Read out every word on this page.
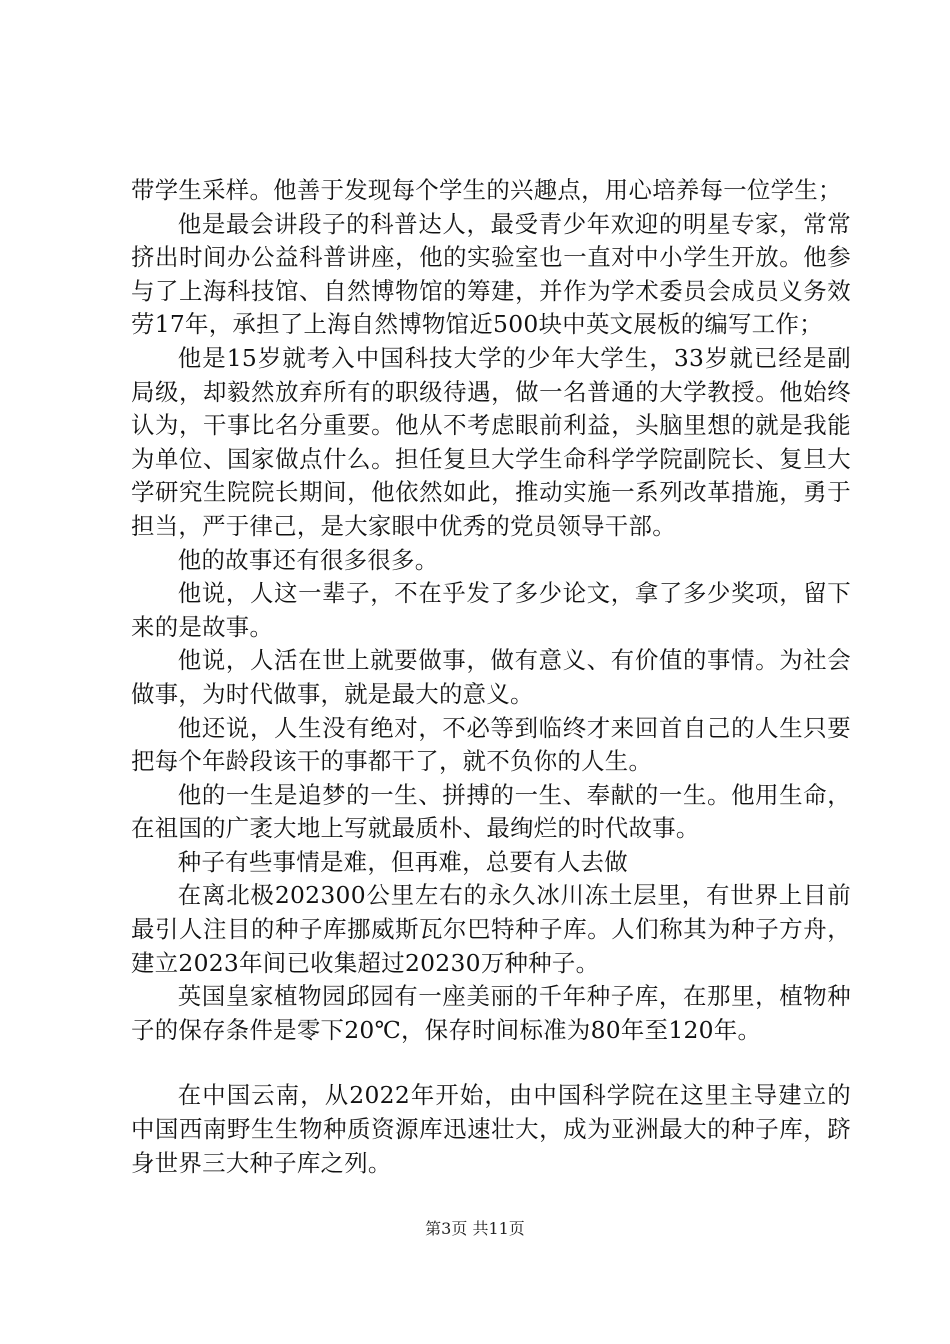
带学生采样。他善于发现每个学生的兴趣点，用心培养每一位学生；

他是最会讲段子的科普达人，最受青少年欢迎的明星专家，常常挤出时间办公益科普讲座，他的实验室也一直对中小学生开放。他参与了上海科技馆、自然博物馆的筹建，并作为学术委员会成员义务效劳17年，承担了上海自然博物馆近500块中英文展板的编写工作；

他是15岁就考入中国科技大学的少年大学生，33岁就已经是副局级，却毅然放弃所有的职级待遇，做一名普通的大学教授。他始终认为，干事比名分重要。他从不考虑眼前利益，头脑里想的就是我能为单位、国家做点什么。担任复旦大学生命科学学院副院长、复旦大学研究生院院长期间，他依然如此，推动实施一系列改革措施，勇于担当，严于律己，是大家眼中优秀的党员领导干部。

他的故事还有很多很多。

他说，人这一辈子，不在乎发了多少论文，拿了多少奖项，留下来的是故事。

他说，人活在世上就要做事，做有意义、有价值的事情。为社会做事，为时代做事，就是最大的意义。

他还说，人生没有绝对，不必等到临终才来回首自己的人生只要把每个年龄段该干的事都干了，就不负你的人生。

他的一生是追梦的一生、拼搏的一生、奉献的一生。他用生命，在祖国的广袤大地上写就最质朴、最绚烂的时代故事。

种子有些事情是难，但再难，总要有人去做

在离北极202300公里左右的永久冰川冻土层里，有世界上目前最引人注目的种子库挪威斯瓦尔巴特种子库。人们称其为种子方舟，建立2023年间已收集超过20230万种种子。

英国皇家植物园邱园有一座美丽的千年种子库，在那里，植物种子的保存条件是零下20℃，保存时间标准为80年至120年。

在中国云南，从2022年开始，由中国科学院在这里主导建立的中国西南野生生物种质资源库迅速壮大，成为亚洲最大的种子库，跻身世界三大种子库之列。

第3页 共11页
